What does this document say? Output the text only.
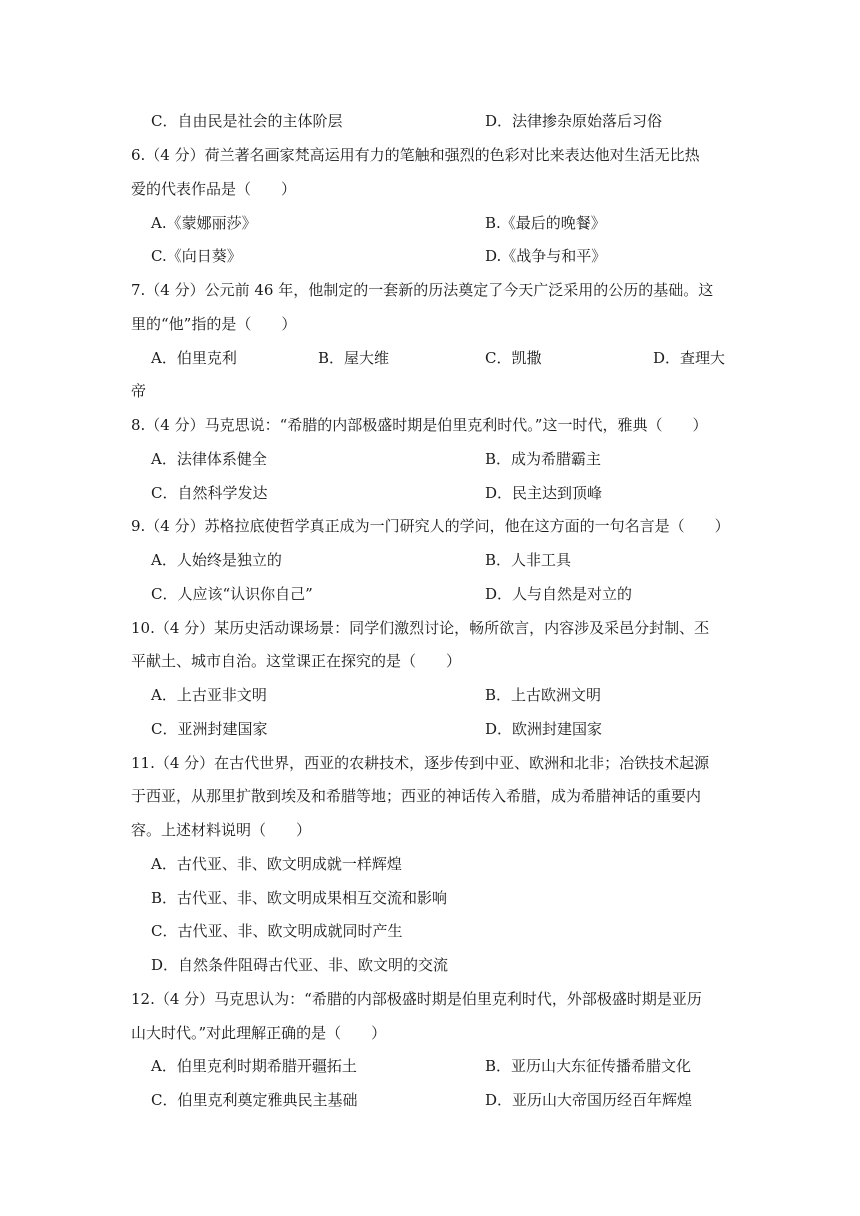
C．自由民是社会的主体阶层	D．法律掺杂原始落后习俗
6.（4 分）荷兰著名画家梵高运用有力的笔触和强烈的色彩对比来表达他对生活无比热
爱的代表作品是（　　）
A.《蒙娜丽莎》	B.《最后的晚餐》
C.《向日葵》	D.《战争与和平》
7.（4 分）公元前 46 年，他制定的一套新的历法奠定了今天广泛采用的公历的基础。这
里的“他”指的是（　　）
A．伯里克利	B．屋大维	C．凯撒	D．查理大
帝
8.（4 分）马克思说：“希腊的内部极盛时期是伯里克利时代。”这一时代，雅典（　　）
A．法律体系健全	B．成为希腊霸主
C．自然科学发达	D．民主达到顶峰
9.（4 分）苏格拉底使哲学真正成为一门研究人的学问，他在这方面的一句名言是（　　）
A．人始终是独立的	B．人非工具
C．人应该“认识你自己”	D．人与自然是对立的
10.（4 分）某历史活动课场景：同学们激烈讨论，畅所欲言，内容涉及采邑分封制、丕
平献土、城市自治。这堂课正在探究的是（　　）
A．上古亚非文明	B．上古欧洲文明
C．亚洲封建国家	D．欧洲封建国家
11.（4 分）在古代世界，西亚的农耕技术，逐步传到中亚、欧洲和北非；冶铁技术起源
于西亚，从那里扩散到埃及和希腊等地；西亚的神话传入希腊，成为希腊神话的重要内
容。上述材料说明（　　）
A．古代亚、非、欧文明成就一样辉煌
B．古代亚、非、欧文明成果相互交流和影响
C．古代亚、非、欧文明成就同时产生
D．自然条件阻碍古代亚、非、欧文明的交流
12.（4 分）马克思认为：“希腊的内部极盛时期是伯里克利时代，外部极盛时期是亚历
山大时代。”对此理解正确的是（　　）
A．伯里克利时期希腊开疆拓土	B．亚历山大东征传播希腊文化
C．伯里克利奠定雅典民主基础	D．亚历山大帝国历经百年辉煌
